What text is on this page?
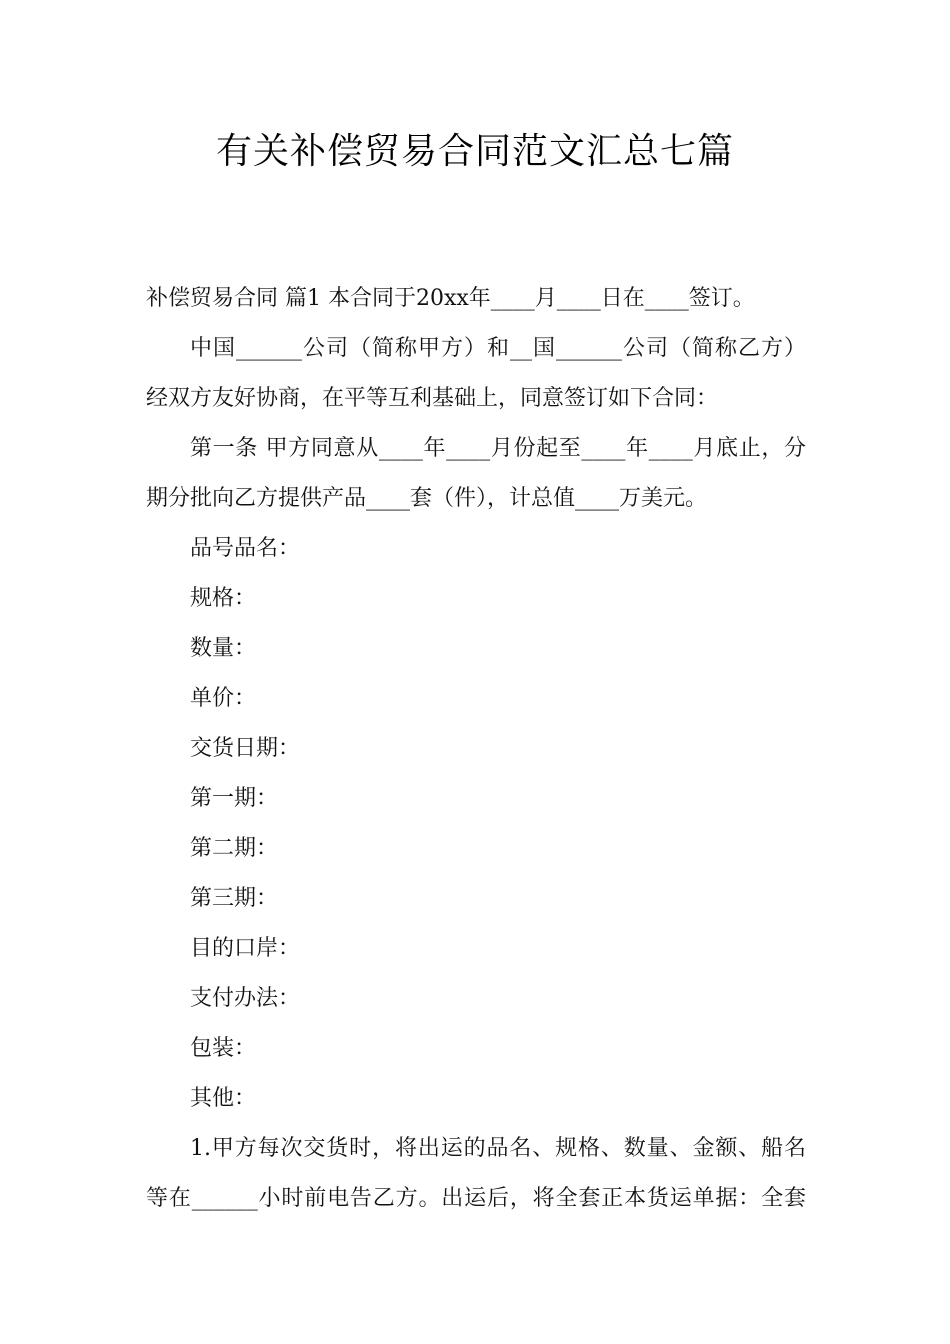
有关补偿贸易合同范文汇总七篇
补偿贸易合同 篇1 本合同于20xx年____月____日在____签订。
中国______公司（简称甲方）和__国______公司（简称乙方）
经双方友好协商，在平等互利基础上，同意签订如下合同：
第一条 甲方同意从____年____月份起至____年____月底止，分
期分批向乙方提供产品____套（件），计总值____万美元。
品号品名：
规格：
数量：
单价：
交货日期：
第一期：
第二期：
第三期：
目的口岸：
支付办法：
包装：
其他：
1.甲方每次交货时，将出运的品名、规格、数量、金额、船名
等在______小时前电告乙方。出运后，将全套正本货运单据：全套
